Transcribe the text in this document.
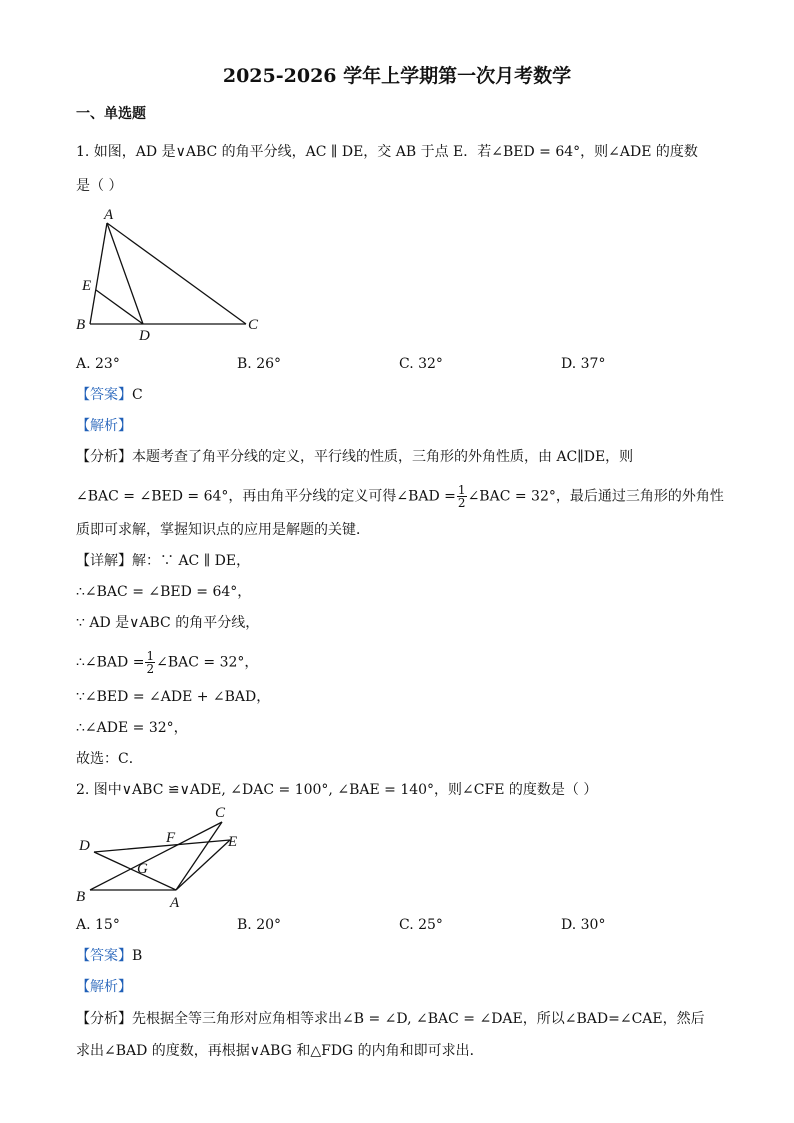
2025-2026 学年上学期第一次月考数学
一、单选题
1. 如图，AD 是∨ABC 的角平分线，AC ∥ DE，交 AB 于点 E．若∠BED = 64°，则∠ADE 的度数
是（ ）
A
E
B
D
C
A. 23°	B. 26°	C. 32°	D. 37°
【答案】C
【解析】
【分析】本题考查了角平分线的定义，平行线的性质，三角形的外角性质，由 AC∥DE，则
∠BAC = ∠BED = 64°，再由角平分线的定义可得∠BAD = $\frac{1}{2}$ ∠BAC = 32°，最后通过三角形的外角性
质即可求解，掌握知识点的应用是解题的关键．
【详解】解：∵ AC ∥ DE，
∴∠BAC = ∠BED = 64°，
∵ AD 是∨ABC 的角平分线，
∴∠BAD = $\frac{1}{2}$ ∠BAC = 32°，
∵∠BED = ∠ADE + ∠BAD，
∴∠ADE = 32°，
故选：C．
2. 图中∨ABC ≌∨ADE, ∠DAC = 100°, ∠BAE = 140°，则∠CFE 的度数是（ ）
C
F	E
D
G
B	A
A. 15°	B. 20°	C. 25°	D. 30°
【答案】B
【解析】
【分析】先根据全等三角形对应角相等求出∠B = ∠D, ∠BAC = ∠DAE，所以∠BAD=∠CAE，然后
求出∠BAD 的度数，再根据∨ABG 和△FDG 的内角和即可求出．
